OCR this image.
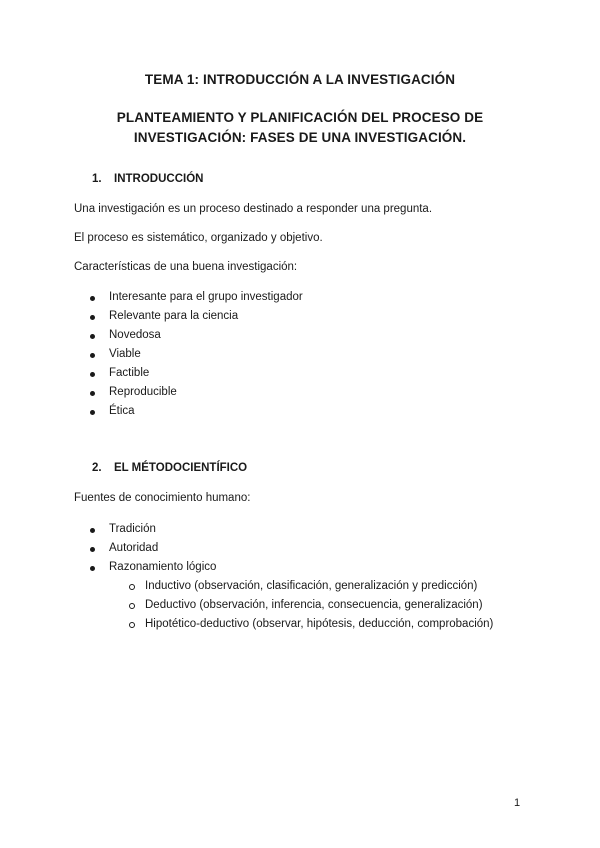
TEMA 1: INTRODUCCIÓN A LA INVESTIGACIÓN
PLANTEAMIENTO Y PLANIFICACIÓN DEL PROCESO DE
INVESTIGACIÓN: FASES DE UNA INVESTIGACIÓN.
1. INTRODUCCIÓN
Una investigación es un proceso destinado a responder una pregunta.
El proceso es sistemático, organizado y objetivo.
Características de una buena investigación:
Interesante para el grupo investigador
Relevante para la ciencia
Novedosa
Viable
Factible
Reproducible
Ética
2. EL MÉTODOCIENTÍFICO
Fuentes de conocimiento humano:
Tradición
Autoridad
Razonamiento lógico
Inductivo (observación, clasificación, generalización y predicción)
Deductivo (observación, inferencia, consecuencia, generalización)
Hipotético-deductivo (observar, hipótesis, deducción, comprobación)
1
